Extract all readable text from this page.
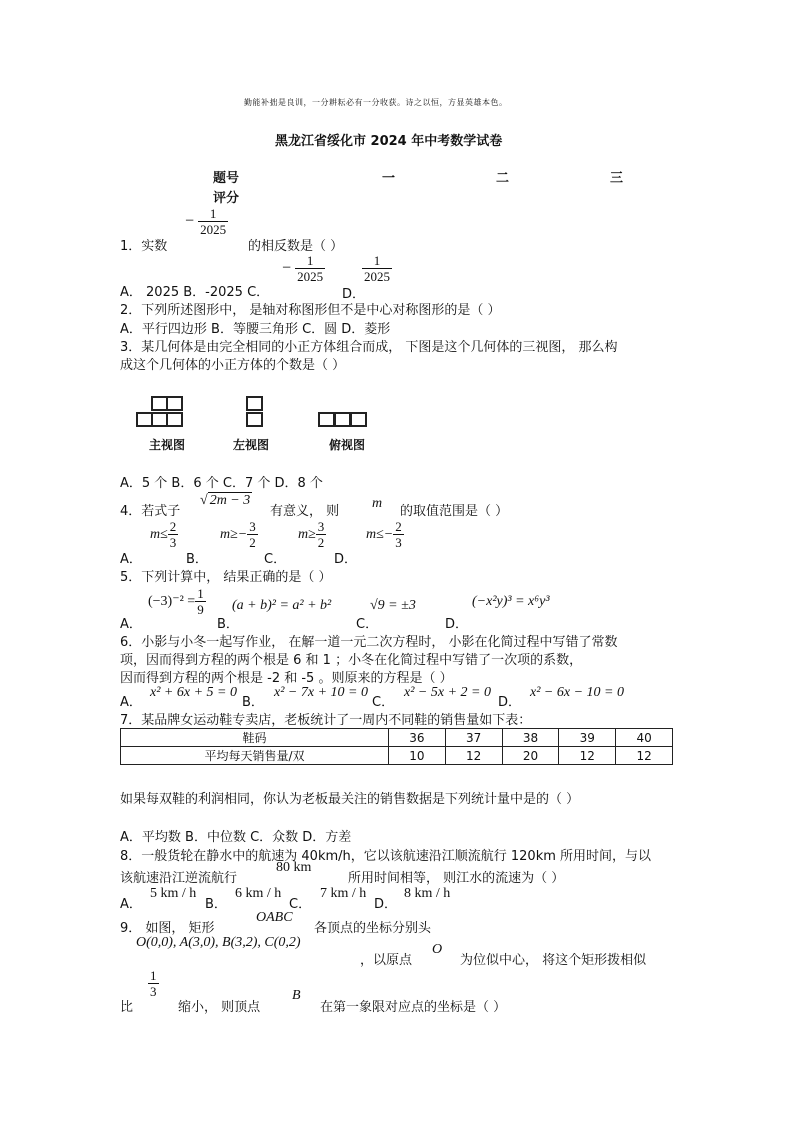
勤能补拙是良训，一分耕耘必有一分收获。诗之以恒，方显英雄本色。
黑龙江省绥化市 2024 年中考数学试卷
题号	一	二	三
评分
− $\frac{1}{2025}$
1．实数	的相反数是（ ）
− $\frac{1}{2025}$	$\frac{1}{2025}$
A． 2025 B．-2025 C．	D．
2．下列所述图形中， 是轴对称图形但不是中心对称图形的是（ ）
A．平行四边形 B．等腰三角形 C．圆 D．菱形
3．某几何体是由完全相同的小正方体组合而成， 下图是这个几何体的三视图， 那么构
成这个几何体的小正方体的个数是（ ）
主视图	左视图	俯视图
A．5 个 B．6 个 C．7 个 D．8 个
4．若式子
√ 2m − 3
有意义， 则
m
的取值范围是（ ）
$m\le \frac{2}{3}$	$m\ge- \frac{3}{2}$	$m\ge \frac{3}{2}$	$m\le- \frac{2}{3}$
A．	B．	C．	D．
5．下列计算中， 结果正确的是（ ）
$(-3)^{-2} = \frac{1}{9} (a + b)^2 = a^2 + b^2$	√9 = ±3	(−x²y)³ = x⁶y³
A．	B．	C．	D．
6．小影与小冬一起写作业， 在解一道一元二次方程时， 小影在化简过程中写错了常数
项，因而得到方程的两个根是 6 和 1 ；小冬在化简过程中写错了一次项的系数，
因而得到方程的两个根是 -2 和 -5 。则原来的方程是（ ）
A．
x² + 6x + 5 = 0
B．
x² − 7x + 10 = 0
C．
x² − 5x + 2 = 0
D．
x² − 6x − 10 = 0
7．某品牌女运动鞋专卖店，老板统计了一周内不同鞋的销售量如下表：
鞋码	36	37	38	39	40
平均每天销售量/双	10	12	20	12	12
如果每双鞋的利润相同，你认为老板最关注的销售数据是下列统计量中是的（ ）
A．平均数 B．中位数 C．众数 D．方差
8．一般货轮在静水中的航速为 40km/h，它以该航速沿江顺流航行 120km 所用时间，与以
该航速沿江逆流航行
80 km
所用时间相等， 则江水的流速为（ ）
A．
5 km / h
B．
6 km / h
C．
7 km / h
D．
8 km / h
9． 如图， 矩形
OABC
各顶点的坐标分别头
O(0,0), A(3,0), B(3,2), C(0,2)
，以原点
O
为位似中心， 将这个矩形拨相似
比
$\frac{1}{3}$
缩小， 则顶点
B
在第一象限对应点的坐标是（ ）
